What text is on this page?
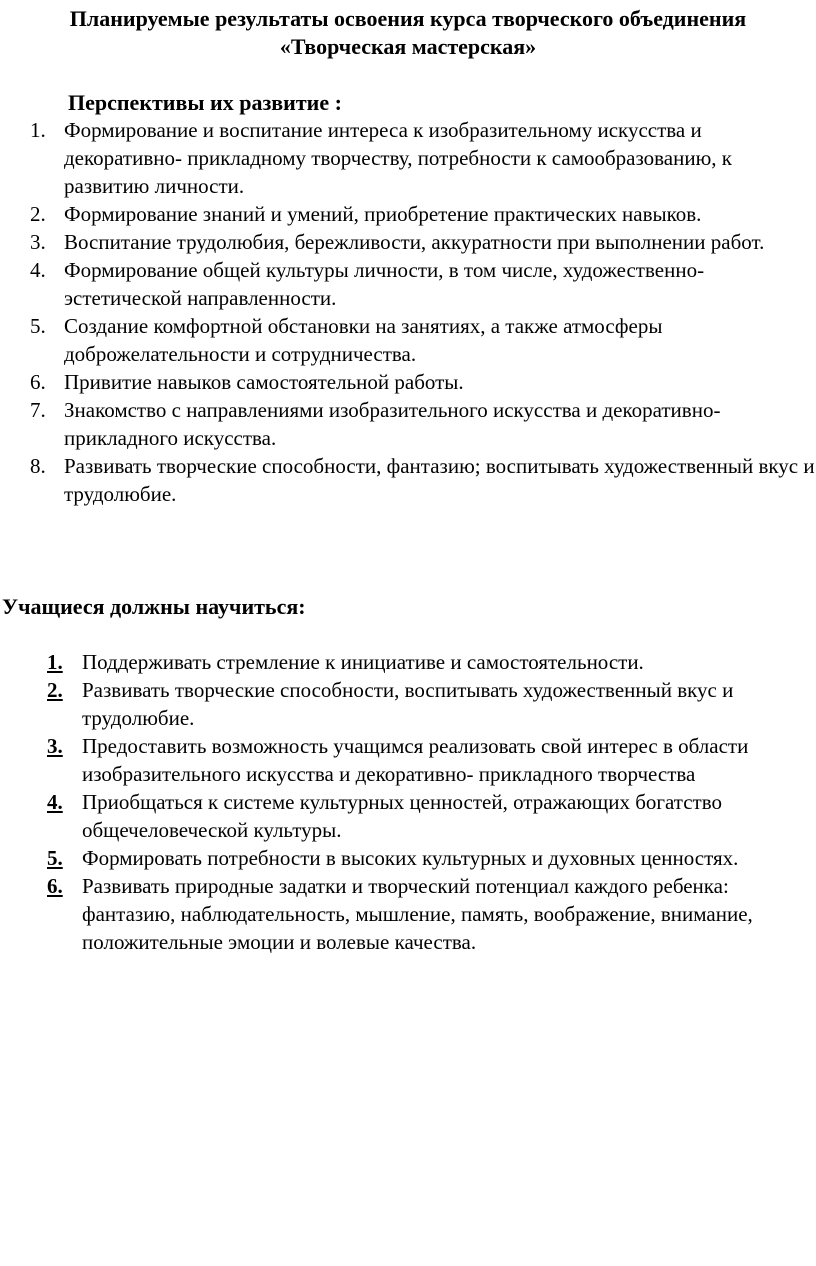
Планируемые результаты освоения курса творческого объединения

«Творческая мастерская»

Перспективы их развитие :

1. Формирование и воспитание интереса к изобразительному искусства и декоративно- прикладному творчеству, потребности к самообразованию, к развитию личности.
2. Формирование знаний и умений, приобретение практических навыков.
3. Воспитание трудолюбия, бережливости, аккуратности при выполнении работ.
4. Формирование общей культуры личности, в том числе, художественно-эстетической направленности.
5. Создание комфортной обстановки на занятиях, а также атмосферы доброжелательности и сотрудничества.
6. Привитие навыков самостоятельной работы.
7. Знакомство с направлениями изобразительного искусства и декоративно-прикладного искусства.
8. Развивать творческие способности, фантазию; воспитывать художественный вкус и трудолюбие.

Учащиеся должны научиться:

1. Поддерживать стремление к инициативе и самостоятельности.
2. Развивать творческие способности, воспитывать художественный вкус и трудолюбие.
3. Предоставить возможность учащимся реализовать свой интерес в области изобразительного искусства и декоративно- прикладного творчества
4. Приобщаться к системе культурных ценностей, отражающих богатство общечеловеческой культуры.
5. Формировать потребности в высоких культурных и духовных ценностях.
6. Развивать природные задатки и творческий потенциал каждого ребенка: фантазию, наблюдательность, мышление, память, воображение, внимание, положительные эмоции и волевые качества.
